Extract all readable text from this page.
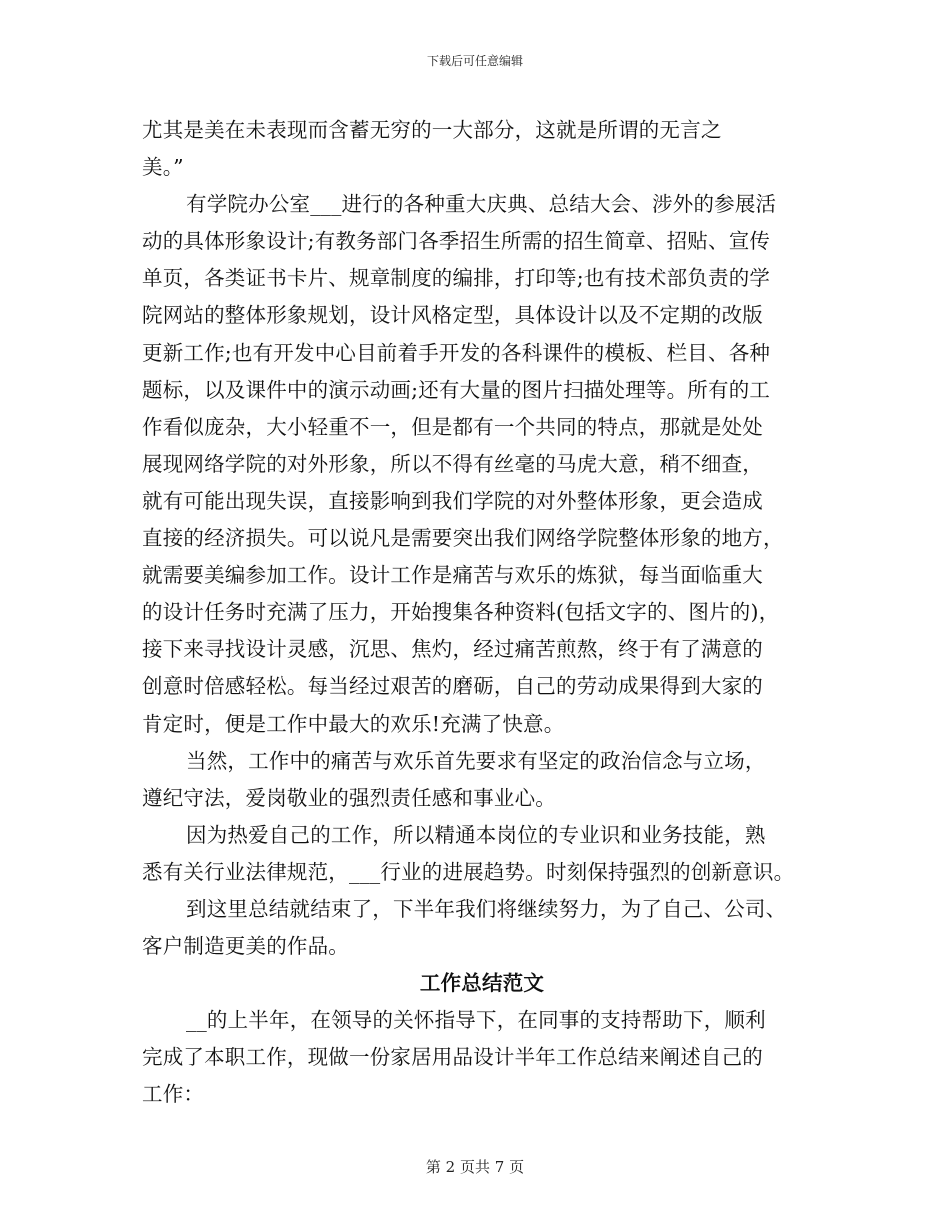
下载后可任意编辑
尤其是美在未表现而含蓄无穷的一大部分，这就是所谓的无言之
美。”
有学院办公室___进行的各种重大庆典、总结大会、涉外的参展活
动的具体形象设计;有教务部门各季招生所需的招生简章、招贴、宣传
单页，各类证书卡片、规章制度的编排，打印等;也有技术部负责的学
院网站的整体形象规划，设计风格定型，具体设计以及不定期的改版
更新工作;也有开发中心目前着手开发的各科课件的模板、栏目、各种
题标，以及课件中的演示动画;还有大量的图片扫描处理等。所有的工
作看似庞杂，大小轻重不一，但是都有一个共同的特点，那就是处处
展现网络学院的对外形象，所以不得有丝毫的马虎大意，稍不细查，
就有可能出现失误，直接影响到我们学院的对外整体形象，更会造成
直接的经济损失。可以说凡是需要突出我们网络学院整体形象的地方，
就需要美编参加工作。设计工作是痛苦与欢乐的炼狱，每当面临重大
的设计任务时充满了压力，开始搜集各种资料(包括文字的、图片的)，
接下来寻找设计灵感，沉思、焦灼，经过痛苦煎熬，终于有了满意的
创意时倍感轻松。每当经过艰苦的磨砺，自己的劳动成果得到大家的
肯定时，便是工作中最大的欢乐!充满了快意。
当然，工作中的痛苦与欢乐首先要求有坚定的政治信念与立场，
遵纪守法，爱岗敬业的强烈责任感和事业心。
因为热爱自己的工作，所以精通本岗位的专业识和业务技能，熟
悉有关行业法律规范，___行业的进展趋势。时刻保持强烈的创新意识。
到这里总结就结束了，下半年我们将继续努力，为了自己、公司、
客户制造更美的作品。
工作总结范文
__的上半年，在领导的关怀指导下，在同事的支持帮助下，顺利
完成了本职工作，现做一份家居用品设计半年工作总结来阐述自己的
工作：
第 2 页共 7 页
